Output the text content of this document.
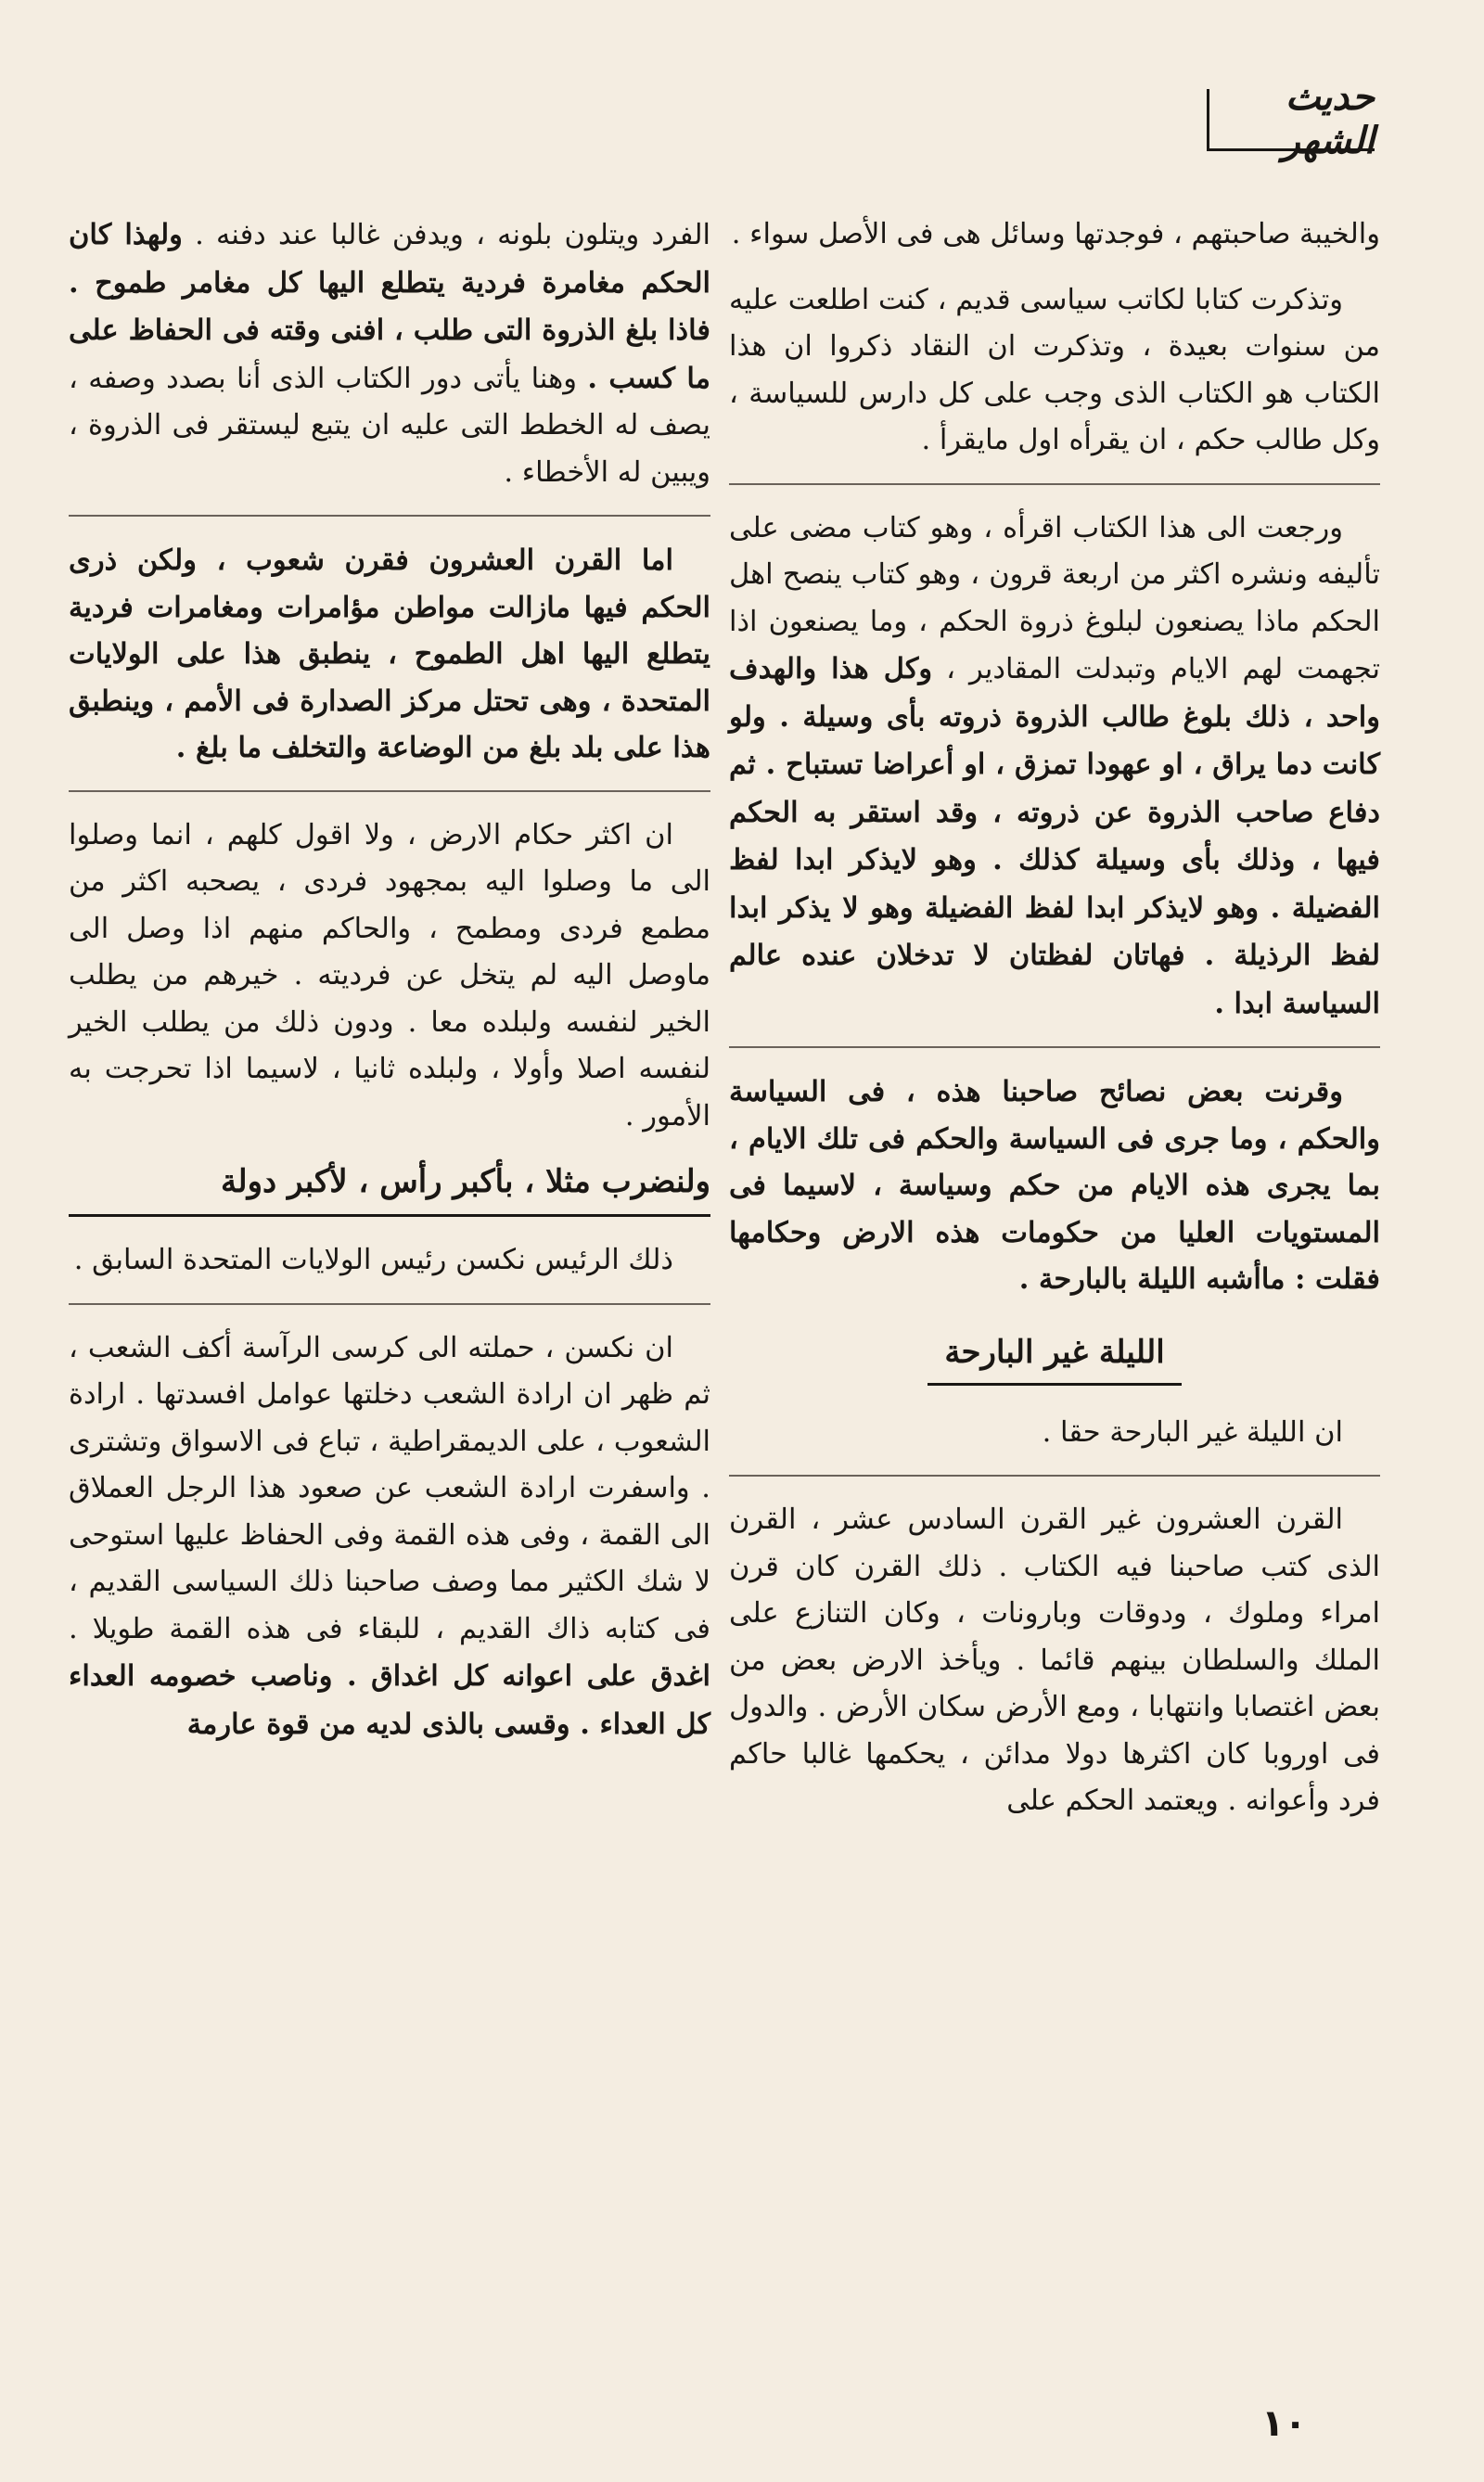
حديث الشهر

والخيبة صاحبتهم ، فوجدتها وسائل هى فى الأصل سواء .

وتذكرت كتابا لكاتب سياسى قديم ، كنت اطلعت عليه من سنوات بعيدة ، وتذكرت ان النقاد ذكروا ان هذا الكتاب هو الكتاب الذى وجب على كل دارس للسياسة ، وكل طالب حكم ، ان يقرأه اول مايقرأ .

ورجعت الى هذا الكتاب اقرأه ، وهو كتاب مضى على تأليفه ونشره اكثر من اربعة قرون ، وهو كتاب ينصح اهل الحكم ماذا يصنعون لبلوغ ذروة الحكم ، وما يصنعون اذا تجهمت لهم الايام وتبدلت المقادير ، وكل هذا والهدف واحد ، ذلك بلوغ طالب الذروة ذروته بأى وسيلة . ولو كانت دما يراق ، او عهودا تمزق ، او أعراضا تستباح . ثم دفاع صاحب الذروة عن ذروته ، وقد استقر به الحكم فيها ، وذلك بأى وسيلة كذلك . وهو لايذكر ابدا لفظ الفضيلة . وهو لايذكر ابدا لفظ الفضيلة وهو لا يذكر ابدا لفظ الرذيلة . فهاتان لفظتان لا تدخلان عنده عالم السياسة ابدا .

وقرنت بعض نصائح صاحبنا هذه ، فى السياسة والحكم ، وما جرى فى السياسة والحكم فى تلك الايام ، بما يجرى هذه الايام من حكم وسياسة ، لاسيما فى المستويات العليا من حكومات هذه الارض وحكامها فقلت : ماأشبه الليلة بالبارحة .

الليلة غير البارحة

ان الليلة غير البارحة حقا .

القرن العشرون غير القرن السادس عشر ، القرن الذى كتب صاحبنا فيه الكتاب . ذلك القرن كان قرن امراء وملوك ، ودوقات وبارونات ، وكان التنازع على الملك والسلطان بينهم قائما . ويأخذ الارض بعض من بعض اغتصابا وانتهابا ، ومع الأرض سكان الأرض . والدول فى اوروبا كان اكثرها دولا مدائن ، يحكمها غالبا حاكم فرد وأعوانه . ويعتمد الحكم على

الفرد ويتلون بلونه ، ويدفن غالبا عند دفنه . ولهذا كان الحكم مغامرة فردية يتطلع اليها كل مغامر طموح . فاذا بلغ الذروة التى طلب ، افنى وقته فى الحفاظ على ما كسب . وهنا يأتى دور الكتاب الذى أنا بصدد وصفه ، يصف له الخطط التى عليه ان يتبع ليستقر فى الذروة ، ويبين له الأخطاء .

اما القرن العشرون فقرن شعوب ، ولكن ذرى الحكم فيها مازالت مواطن مؤامرات ومغامرات فردية يتطلع اليها اهل الطموح ، ينطبق هذا على الولايات المتحدة ، وهى تحتل مركز الصدارة فى الأمم ، وينطبق هذا على بلد بلغ من الوضاعة والتخلف ما بلغ .

ان اكثر حكام الارض ، ولا اقول كلهم ، انما وصلوا الى ما وصلوا اليه بمجهود فردى ، يصحبه اكثر من مطمع فردى ومطمح ، والحاكم منهم اذا وصل الى ماوصل اليه لم يتخل عن فرديته . خيرهم من يطلب الخير لنفسه ولبلده معا . ودون ذلك من يطلب الخير لنفسه اصلا وأولا ، ولبلده ثانيا ، لاسيما اذا تحرجت به الأمور .

ولنضرب مثلا ، بأكبر رأس ، لأكبر دولة

ذلك الرئيس نكسن رئيس الولايات المتحدة السابق .

ان نكسن ، حملته الى كرسى الرآسة أكف الشعب ، ثم ظهر ان ارادة الشعب دخلتها عوامل افسدتها . ارادة الشعوب ، على الديمقراطية ، تباع فى الاسواق وتشترى . واسفرت ارادة الشعب عن صعود هذا الرجل العملاق الى القمة ، وفى هذه القمة وفى الحفاظ عليها استوحى لا شك الكثير مما وصف صاحبنا ذلك السياسى القديم ، فى كتابه ذاك القديم ، للبقاء فى هذه القمة طويلا . اغدق على اعوانه كل اغداق . وناصب خصومه العداء كل العداء . وقسى بالذى لديه من قوة عارمة

١٠
